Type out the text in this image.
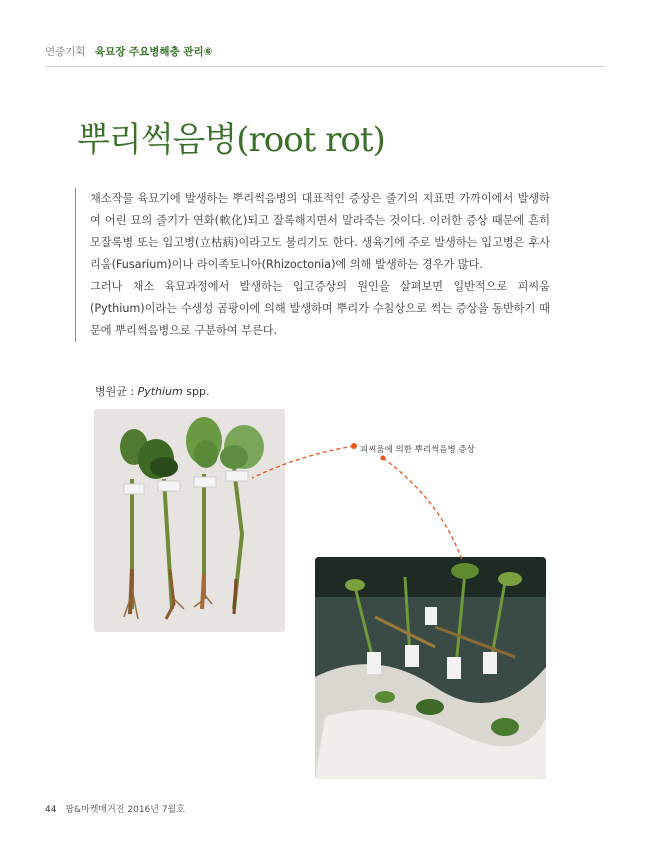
연중기획 육묘장 주요병해충 관리⑥
뿌리썩음병(root rot)

채소작물 육묘기에 발생하는 뿌리썩음병의 대표적인 증상은 줄기의 지표면 가까이에서 발생하여 어린 묘의 줄기가 연화(軟化)되고 잘록해지면서 말라죽는 것이다. 이러한 증상 때문에 흔히 모잘록병 또는 입고병(立枯病)이라고도 불리기도 한다. 생육기에 주로 발생하는 입고병은 후사리움(Fusarium)이나 라이족토니아(Rhizoctonia)에 의해 발생하는 경우가 많다.

그러나 채소 육묘과정에서 발생하는 입고증상의 원인을 살펴보면 일반적으로 피씨움(Pythium)이라는 수생성 곰팡이에 의해 발생하며 뿌리가 수침상으로 썩는 증상을 동반하기 때문에 뿌리썩음병으로 구분하여 부른다.

병원균 : Pythium spp.
피씨움에 의한 뿌리썩음병 증상
44 팜&마켓매거진 2016년 7월호
